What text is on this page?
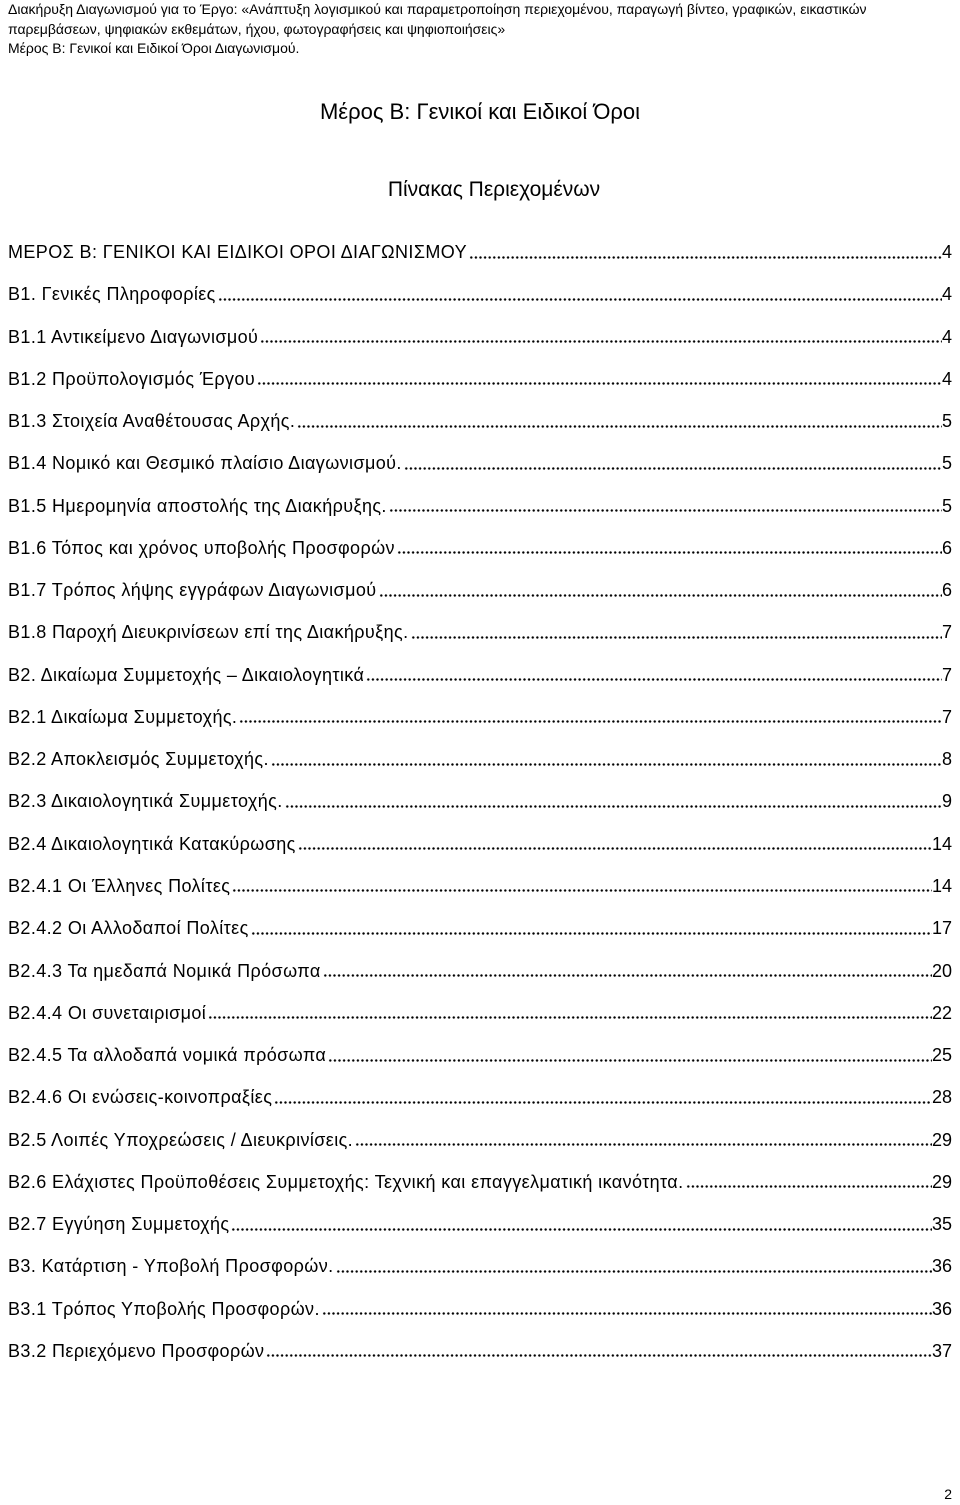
Διακήρυξη Διαγωνισμού για το Έργο: «Ανάπτυξη λογισμικού και παραμετροποίηση περιεχομένου, παραγωγή βίντεο, γραφικών, εικαστικών
παρεμβάσεων, ψηφιακών εκθεμάτων, ήχου, φωτογραφήσεις και ψηφιοποιήσεις»
Μέρος Β: Γενικοί και Ειδικοί Όροι Διαγωνισμού.
Μέρος Β: Γενικοί και Ειδικοί Όροι
Πίνακας Περιεχομένων
ΜΕΡΟΣ Β: ΓΕΝΙΚΟΙ ΚΑΙ ΕΙΔΙΚΟΙ ΟΡΟΙ ΔΙΑΓΩΝΙΣΜΟΥ	4
Β1. Γενικές Πληροφορίες	4
Β1.1 Αντικείμενο Διαγωνισμού	4
Β1.2 Προϋπολογισμός Έργου	4
Β1.3 Στοιχεία Αναθέτουσας Αρχής.	5
Β1.4 Νομικό και Θεσμικό πλαίσιο Διαγωνισμού.	5
Β1.5 Ημερομηνία αποστολής της Διακήρυξης.	5
Β1.6 Τόπος και χρόνος υποβολής Προσφορών	6
Β1.7 Τρόπος λήψης εγγράφων Διαγωνισμού	6
Β1.8 Παροχή Διευκρινίσεων επί της Διακήρυξης.	7
Β2. Δικαίωμα Συμμετοχής – Δικαιολογητικά	7
Β2.1 Δικαίωμα Συμμετοχής.	7
Β2.2 Αποκλεισμός Συμμετοχής.	8
Β2.3 Δικαιολογητικά Συμμετοχής.	9
Β2.4 Δικαιολογητικά Κατακύρωσης	14
Β2.4.1 Οι Έλληνες Πολίτες	14
Β2.4.2 Οι Αλλοδαποί Πολίτες	17
Β2.4.3 Τα ημεδαπά Νομικά Πρόσωπα	20
Β2.4.4 Οι συνεταιρισμοί	22
Β2.4.5 Τα αλλοδαπά νομικά πρόσωπα	25
Β2.4.6 Οι ενώσεις-κοινοπραξίες	28
Β2.5 Λοιπές Υποχρεώσεις / Διευκρινίσεις.	29
Β2.6 Ελάχιστες Προϋποθέσεις Συμμετοχής: Τεχνική και επαγγελματική ικανότητα.	29
Β2.7 Εγγύηση Συμμετοχής	35
Β3. Κατάρτιση - Υποβολή Προσφορών.	36
Β3.1 Τρόπος Υποβολής Προσφορών.	36
Β3.2 Περιεχόμενο Προσφορών	37
2
